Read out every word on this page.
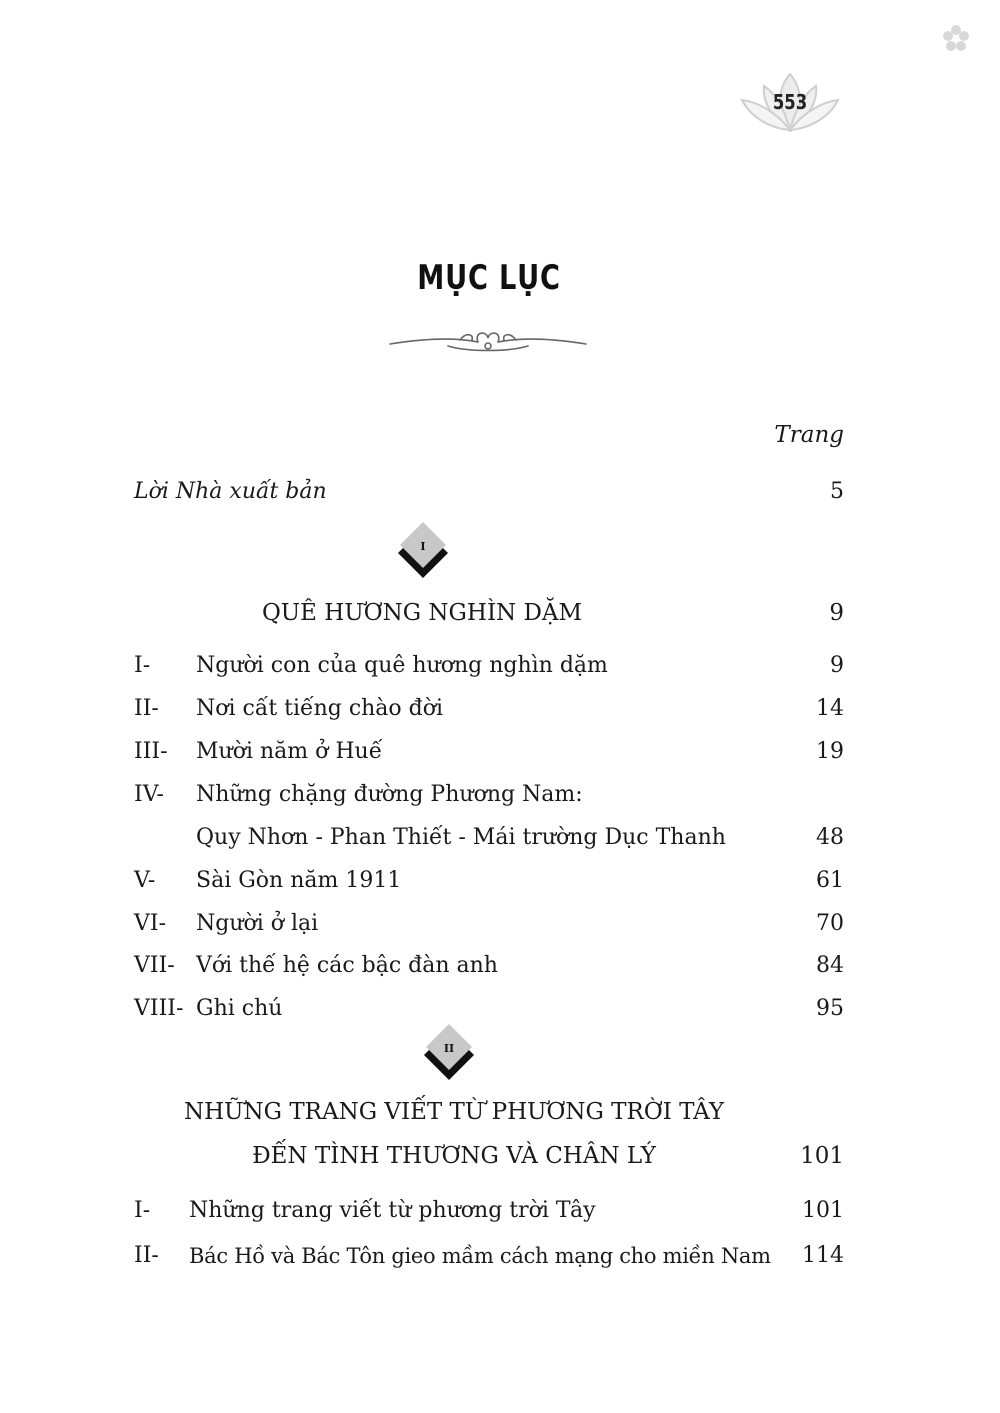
553
MỤC LỤC
Trang
Lời Nhà xuất bản	5
I
QUÊ HƯƠNG NGHÌN DẶM	9
I- Người con của quê hương nghìn dặm	9
II- Nơi cất tiếng chào đời	14
III- Mười năm ở Huế	19
IV- Những chặng đường Phương Nam:
Quy Nhơn - Phan Thiết - Mái trường Dục Thanh	48
V- Sài Gòn năm 1911	61
VI- Người ở lại	70
VII- Với thế hệ các bậc đàn anh	84
VIII- Ghi chú	95
II
NHỮNG TRANG VIẾT TỪ PHƯƠNG TRỜI TÂY
ĐẾN TÌNH THƯƠNG VÀ CHÂN LÝ	101
I- Những trang viết từ phương trời Tây	101
II- Bác Hồ và Bác Tôn gieo mầm cách mạng cho miền Nam 114
